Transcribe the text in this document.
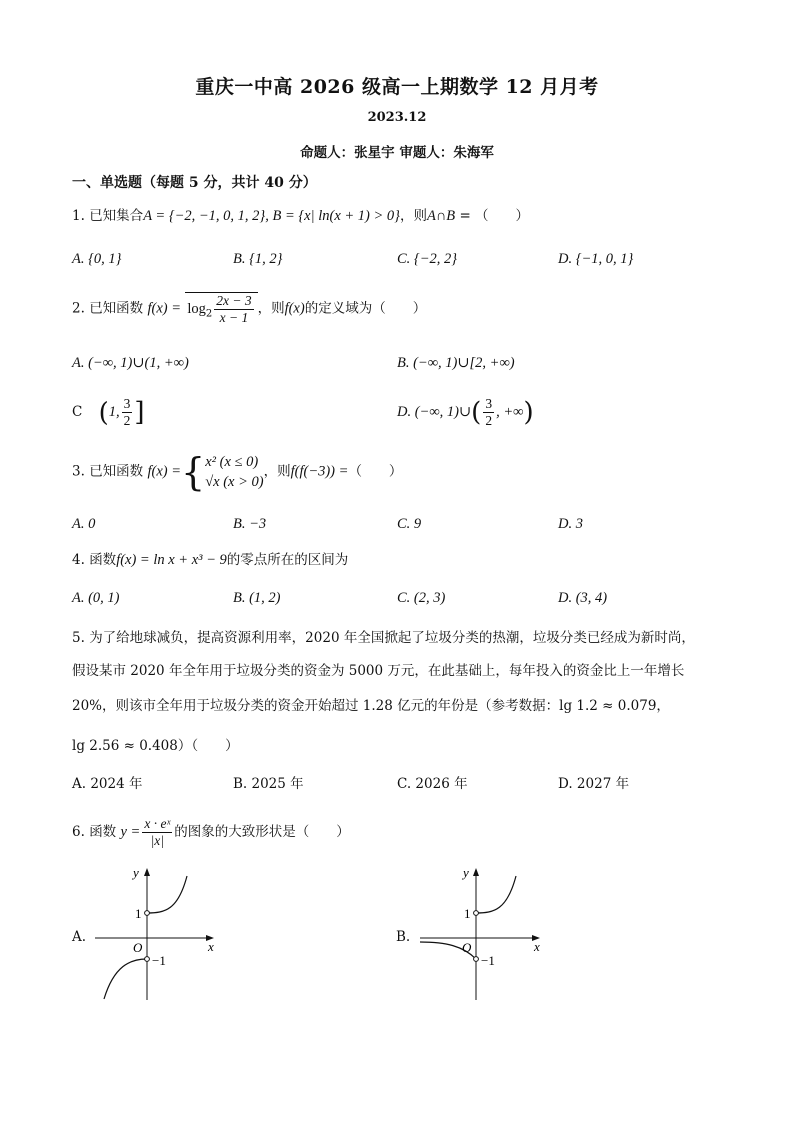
重庆一中高 2026 级高一上期数学 12 月月考
2023.12
命题人：张星宇 审题人：朱海军
一、单选题（每题 5 分，共计 40 分）
1. 已知集合A = {−2, −1, 0, 1, 2}, B = {x| ln(x + 1) > 0}，则A∩B = （　　）
A. {0, 1}	B. {1, 2}	C. {−2, 2}	D. {−1, 0, 1}
2. 已知函数 $f(x) = \log_2 \frac{2x - 3}{x - 1}$ ，则f(x)的定义域为（　　）
A. (−∞, 1)∪(1, +∞)	B. (−∞, 1)∪[2, +∞)
C (1, $\frac{3}{2}$ ]	D. (−∞, 1)∪( $\frac{3}{2}$ , +∞)
3. 已知函数 f(x) ={ x² (x ≤ 0)
√x (x > 0)
，则f(f(−3)) =（　　）
A. 0	B. −3	C. 9	D. 3
4. 函数f(x) = ln x + x³ − 9的零点所在的区间为
A. (0, 1)	B. (1, 2)	C. (2, 3)	D. (3, 4)
5. 为了给地球减负，提高资源利用率，2020 年全国掀起了垃圾分类的热潮，垃圾分类已经成为新时尚，
假设某市 2020 年全年用于垃圾分类的资金为 5000 万元，在此基础上，每年投入的资金比上一年增长
20%，则该市全年用于垃圾分类的资金开始超过 1.28 亿元的年份是（参考数据：lg 1.2 ≈ 0.079，
lg 2.56 ≈ 0.408）（　　）
A. 2024 年	B. 2025 年	C. 2026 年	D. 2027 年
6. 函数 $y = \frac{\text{x · eˣ}}{|x|}$ 的图象的大致形状是（　　）
A.	B.
y
x
O
1
−1
y
x
O
1
−1
